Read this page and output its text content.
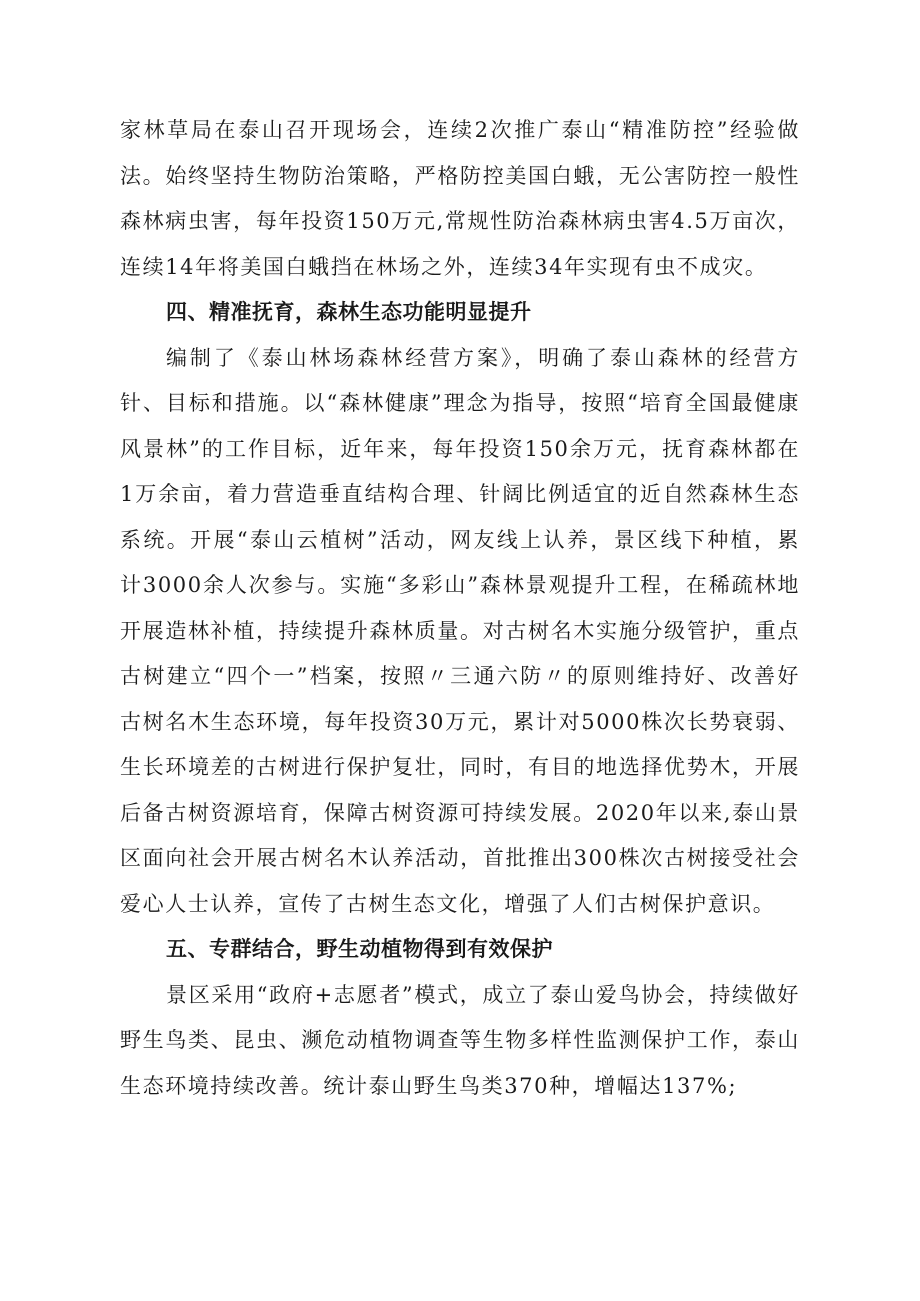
家林草局在泰山召开现场会，连续2次推广泰山“精准防控”经验做法。始终坚持生物防治策略，严格防控美国白蛾，无公害防控一般性森林病虫害，每年投资150万元,常规性防治森林病虫害4.5万亩次，连续14年将美国白蛾挡在林场之外，连续34年实现有虫不成灾。

四、精准抚育，森林生态功能明显提升

编制了《泰山林场森林经营方案》，明确了泰山森林的经营方针、目标和措施。以“森林健康”理念为指导，按照“培育全国最健康风景林”的工作目标，近年来，每年投资150余万元，抚育森林都在1万余亩，着力营造垂直结构合理、针阔比例适宜的近自然森林生态系统。开展“泰山云植树”活动，网友线上认养，景区线下种植，累计3000余人次参与。实施“多彩山”森林景观提升工程，在稀疏林地开展造林补植，持续提升森林质量。对古树名木实施分级管护，重点古树建立“四个一”档案，按照〃三通六防〃的原则维持好、改善好古树名木生态环境，每年投资30万元，累计对5000株次长势衰弱、生长环境差的古树进行保护复壮，同时，有目的地选择优势木，开展后备古树资源培育，保障古树资源可持续发展。2020年以来,泰山景区面向社会开展古树名木认养活动，首批推出300株次古树接受社会爱心人士认养，宣传了古树生态文化，增强了人们古树保护意识。

五、专群结合，野生动植物得到有效保护

景区采用“政府+志愿者”模式，成立了泰山爱鸟协会，持续做好野生鸟类、昆虫、濒危动植物调查等生物多样性监测保护工作，泰山生态环境持续改善。统计泰山野生鸟类370种，增幅达137%;
